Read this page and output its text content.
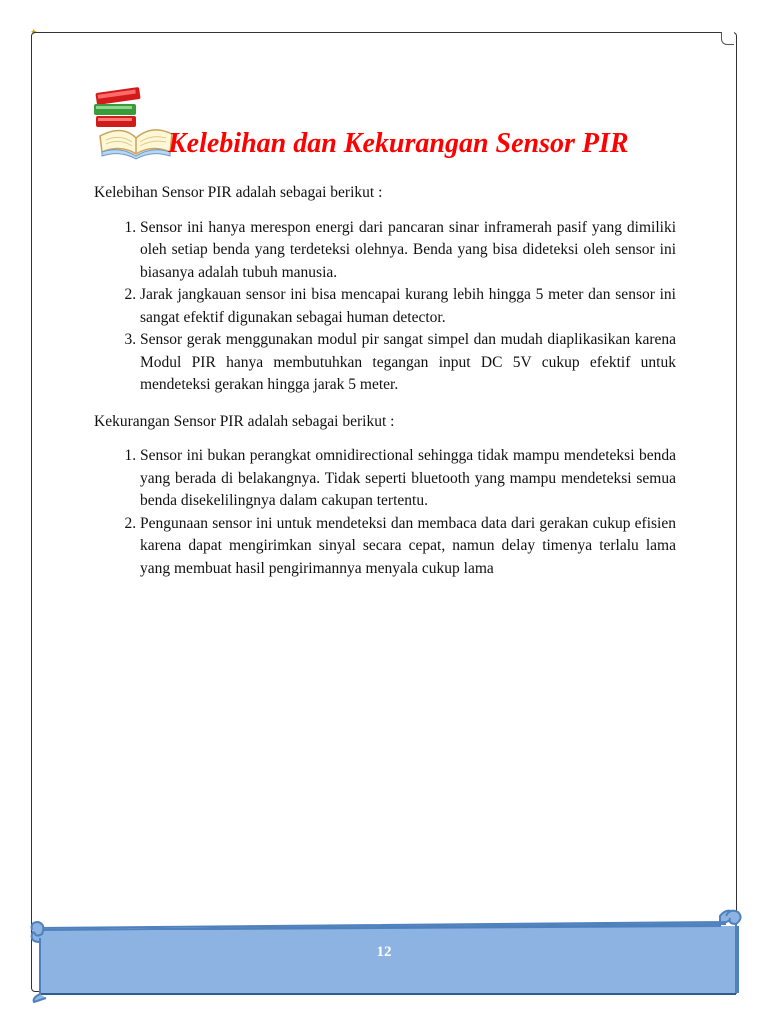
✦
Kelebihan dan Kekurangan Sensor PIR

Kelebihan Sensor PIR adalah sebagai berikut :

1. Sensor ini hanya merespon energi dari pancaran sinar inframerah pasif yang dimiliki oleh setiap benda yang terdeteksi olehnya. Benda yang bisa dideteksi oleh sensor ini biasanya adalah tubuh manusia.
2. Jarak jangkauan sensor ini bisa mencapai kurang lebih hingga 5 meter dan sensor ini sangat efektif digunakan sebagai human detector.
3. Sensor gerak menggunakan modul pir sangat simpel dan mudah diaplikasikan karena Modul PIR hanya membutuhkan tegangan input DC 5V cukup efektif untuk mendeteksi gerakan hingga jarak 5 meter.

Kekurangan Sensor PIR adalah sebagai berikut :

1. Sensor ini bukan perangkat omnidirectional sehingga tidak mampu mendeteksi benda yang berada di belakangnya. Tidak seperti bluetooth yang mampu mendeteksi semua benda disekelilingnya dalam cakupan tertentu.
2. Pengunaan sensor ini untuk mendeteksi dan membaca data dari gerakan cukup efisien karena dapat mengirimkan sinyal secara cepat, namun delay timenya terlalu lama yang membuat hasil pengirimannya menyala cukup lama
12
